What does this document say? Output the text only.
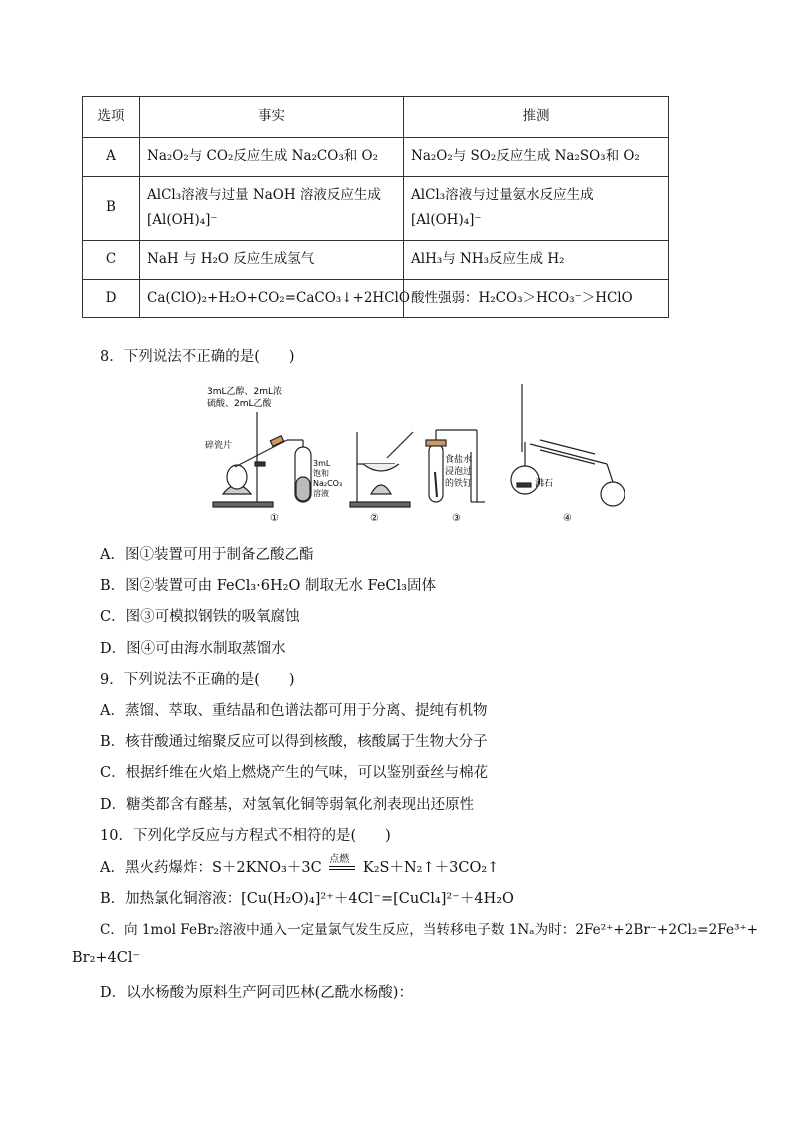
选项	事实	推测
A	Na₂O₂与 CO₂反应生成 Na₂CO₃和 O₂	Na₂O₂与 SO₂反应生成 Na₂SO₃和 O₂
B	AlCl₃溶液与过量 NaOH 溶液反应生成 [Al(OH)₄]⁻	AlCl₃溶液与过量氨水反应生成[Al(OH)₄]⁻
C	NaH 与 H₂O 反应生成氢气	AlH₃与 NH₃反应生成 H₂
D	Ca(ClO)₂+H₂O+CO₂=CaCO₃↓+2HClO	酸性强弱：H₂CO₃＞HCO₃⁻＞HClO
8．下列说法不正确的是(　　)
3mL乙醇、2mL浓
硫酸、2mL乙酸
碎瓷片
3mL
饱和
Na₂CO₃
溶液
①	②
食盐水
浸泡过
的铁钉
③
沸石
④
A．图①装置可用于制备乙酸乙酯
B．图②装置可由 FeCl₃·6H₂O 制取无水 FeCl₃固体
C．图③可模拟钢铁的吸氧腐蚀
D．图④可由海水制取蒸馏水
9．下列说法不正确的是(　　)
A．蒸馏、萃取、重结晶和色谱法都可用于分离、提纯有机物
B．核苷酸通过缩聚反应可以得到核酸，核酸属于生物大分子
C．根据纤维在火焰上燃烧产生的气味，可以鉴别蚕丝与棉花
D．糖类都含有醛基，对氢氧化铜等弱氧化剂表现出还原性
10．下列化学反应与方程式不相符的是(　　)
A．黑火药爆炸：S＋2KNO₃＋3C
点燃
K₂S＋N₂↑＋3CO₂↑
B．加热氯化铜溶液：[Cu(H₂O)₄]²⁺＋4Cl⁻=[CuCl₄]²⁻＋4H₂O
C．向 1mol FeBr₂溶液中通入一定量氯气发生反应，当转移电子数 1Nₐ为时：2Fe²⁺+2Br⁻+2Cl₂=2Fe³⁺+
Br₂+4Cl⁻
D．以水杨酸为原料生产阿司匹林(乙酰水杨酸)：
